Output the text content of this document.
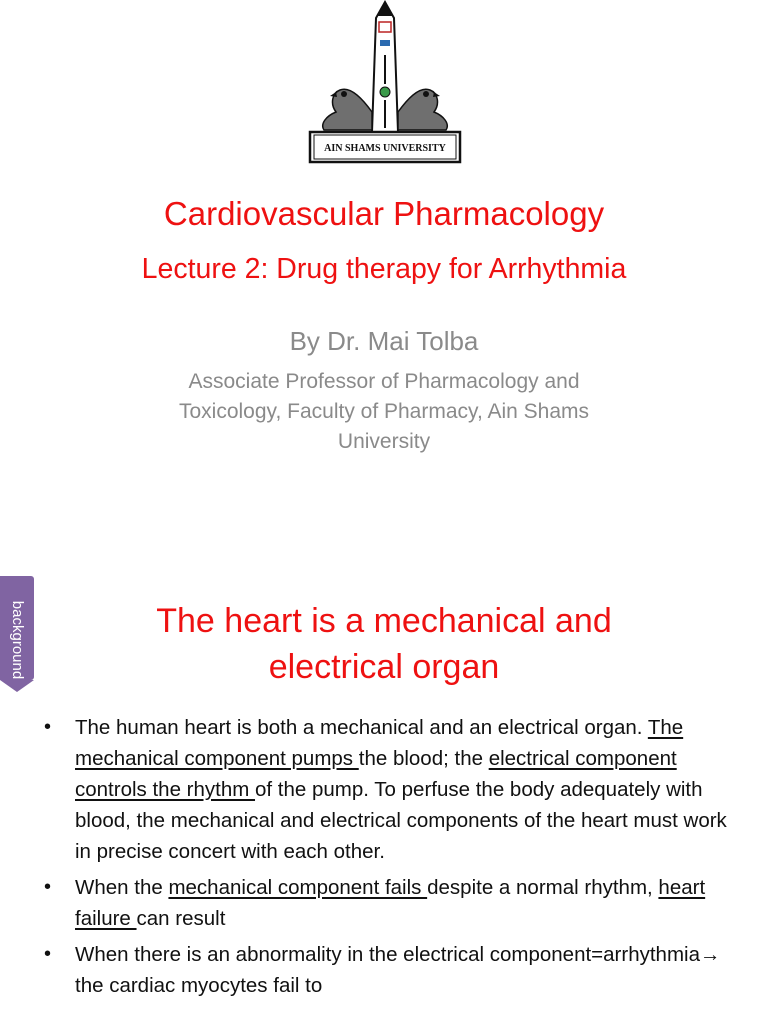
AIN SHAMS UNIVERSITY
Cardiovascular Pharmacology
Lecture 2: Drug therapy for Arrhythmia
By Dr. Mai Tolba
Associate Professor of Pharmacology and
Toxicology, Faculty of Pharmacy, Ain Shams
University
background	The heart is a mechanical and
electrical organ
• The human heart is both a mechanical and an electrical organ. The mechanical component pumps the blood; the electrical component controls the rhythm of the pump. To perfuse the body adequately with blood, the mechanical and electrical components of the heart must work in precise concert with each other.
• When the mechanical component fails despite a normal rhythm, heart failure can result
• When there is an abnormality in the electrical component=arrhythmia→ the cardiac myocytes fail to
